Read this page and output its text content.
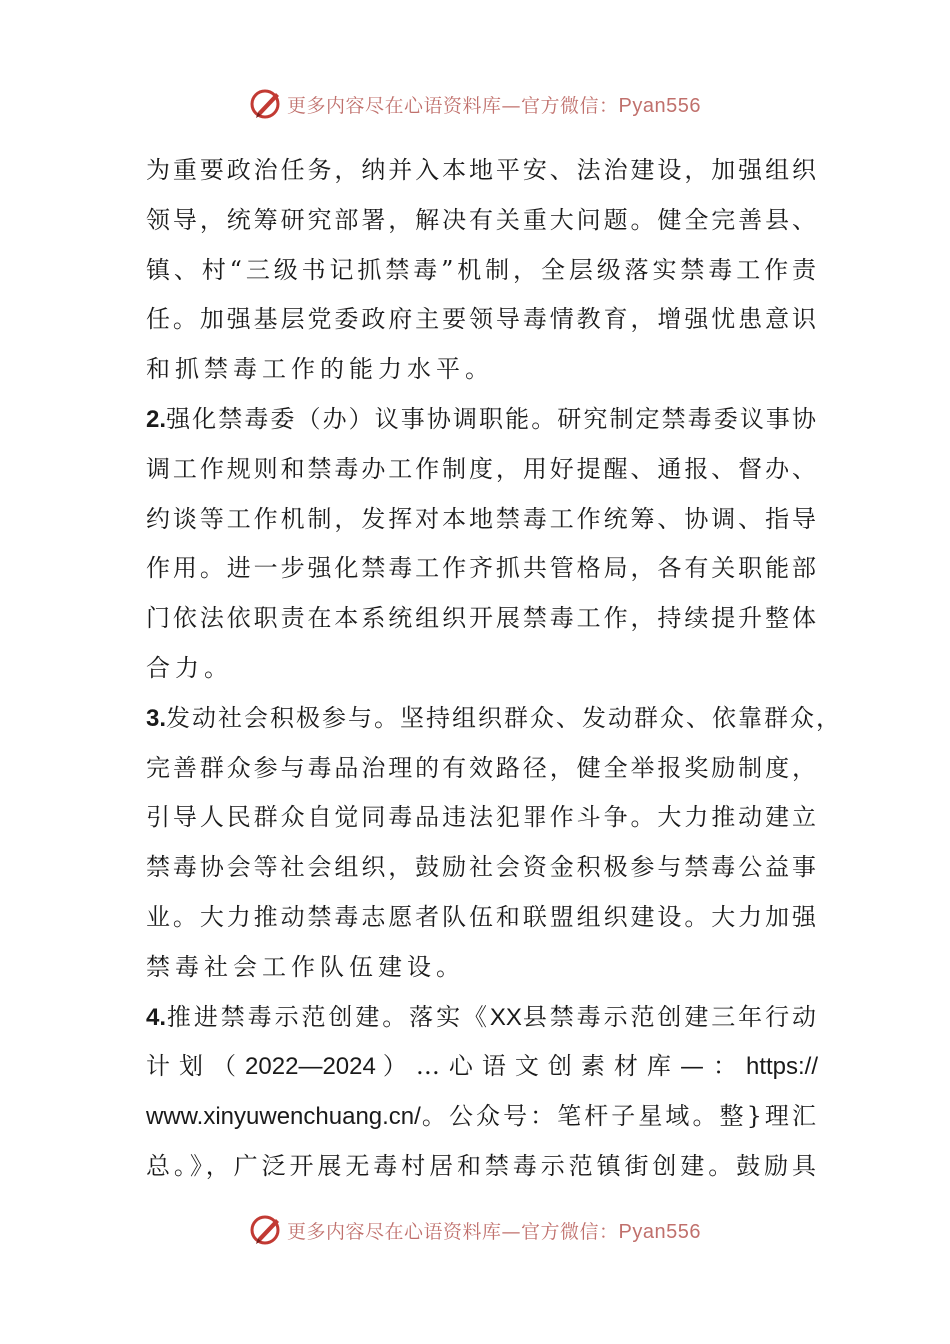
更多内容尽在心语资料库—官方微信：Pyan556
为重要政治任务，纳并入本地平安、法治建设，加强组织
领导，统筹研究部署，解决有关重大问题。健全完善县、
镇、村“三级书记抓禁毒”机制，全层级落实禁毒工作责
任。加强基层党委政府主要领导毒情教育，增强忧患意识
和抓禁毒工作的能力水平。
2.强化禁毒委（办）议事协调职能。研究制定禁毒委议事协
调工作规则和禁毒办工作制度，用好提醒、通报、督办、
约谈等工作机制，发挥对本地禁毒工作统筹、协调、指导
作用。进一步强化禁毒工作齐抓共管格局，各有关职能部
门依法依职责在本系统组织开展禁毒工作，持续提升整体
合力。
3.发动社会积极参与。坚持组织群众、发动群众、依靠群众，
完善群众参与毒品治理的有效路径，健全举报奖励制度，
引导人民群众自觉同毒品违法犯罪作斗争。大力推动建立
禁毒协会等社会组织，鼓励社会资金积极参与禁毒公益事
业。大力推动禁毒志愿者队伍和联盟组织建设。大力加强
禁毒社会工作队伍建设。
4.推进禁毒示范创建。落实《XX县禁毒示范创建三年行动
计划（2022—2024）…心语文创素材库—：https://
www.xinyuwenchuang.cn/。公众号：笔杆子星域。整}理汇
总。》，广泛开展无毒村居和禁毒示范镇街创建。鼓励具
更多内容尽在心语资料库—官方微信：Pyan556
